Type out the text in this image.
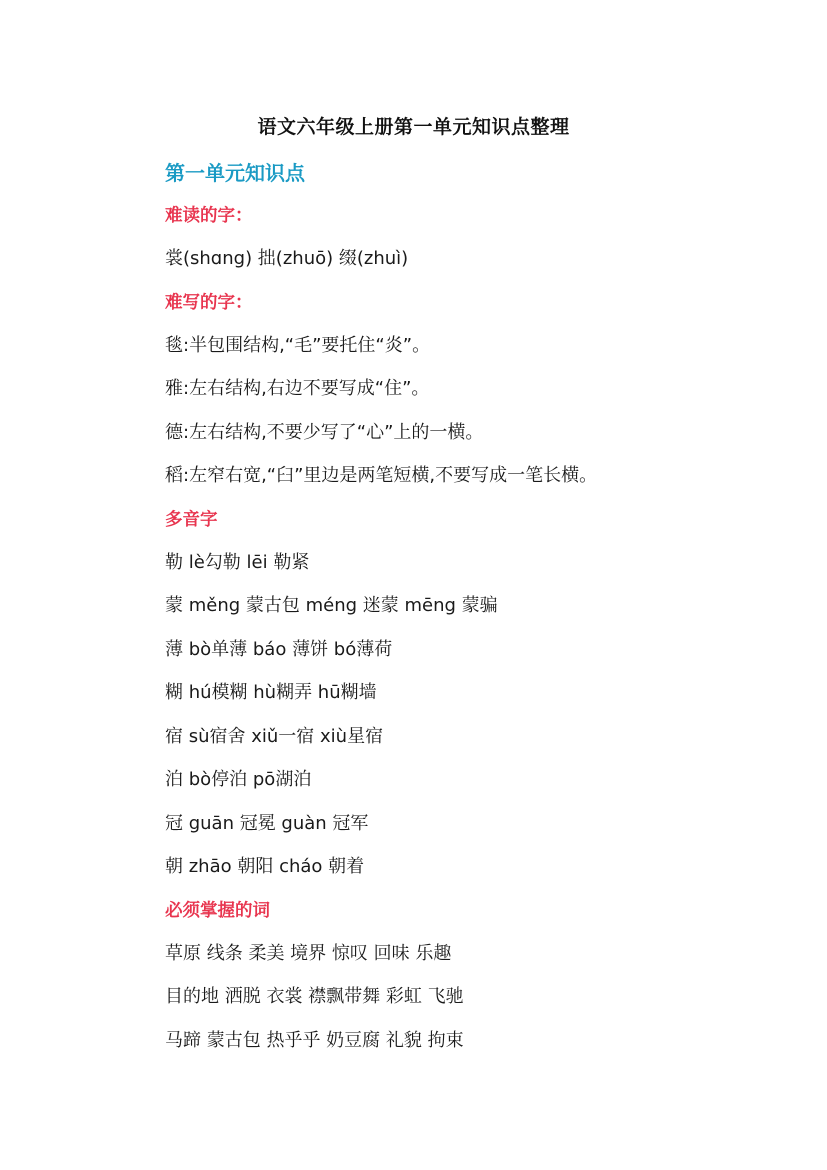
语文六年级上册第一单元知识点整理
第一单元知识点
难读的字：
裳(shɑng) 拙(zhuō) 缀(zhuì)
难写的字：
毯:半包围结构,“毛”要托住“炎”。
雅:左右结构,右边不要写成“住”。
德:左右结构,不要少写了“心”上的一横。
稻:左窄右宽,“臼”里边是两笔短横,不要写成一笔长横。
多音字
勒 lè勾勒 lēi 勒紧
蒙 měng 蒙古包 méng 迷蒙 mēng 蒙骗
薄 bò单薄 báo 薄饼 bó薄荷
糊 hú模糊 hù糊弄 hū糊墙
宿 sù宿舍 xiǔ一宿 xiù星宿
泊 bò停泊 pō湖泊
冠 guān 冠冕 guàn 冠军
朝 zhāo 朝阳 cháo 朝着
必须掌握的词
草原 线条 柔美 境界 惊叹 回味 乐趣
目的地 洒脱 衣裳 襟飘带舞 彩虹 飞驰
马蹄 蒙古包 热乎乎 奶豆腐 礼貌 拘束
